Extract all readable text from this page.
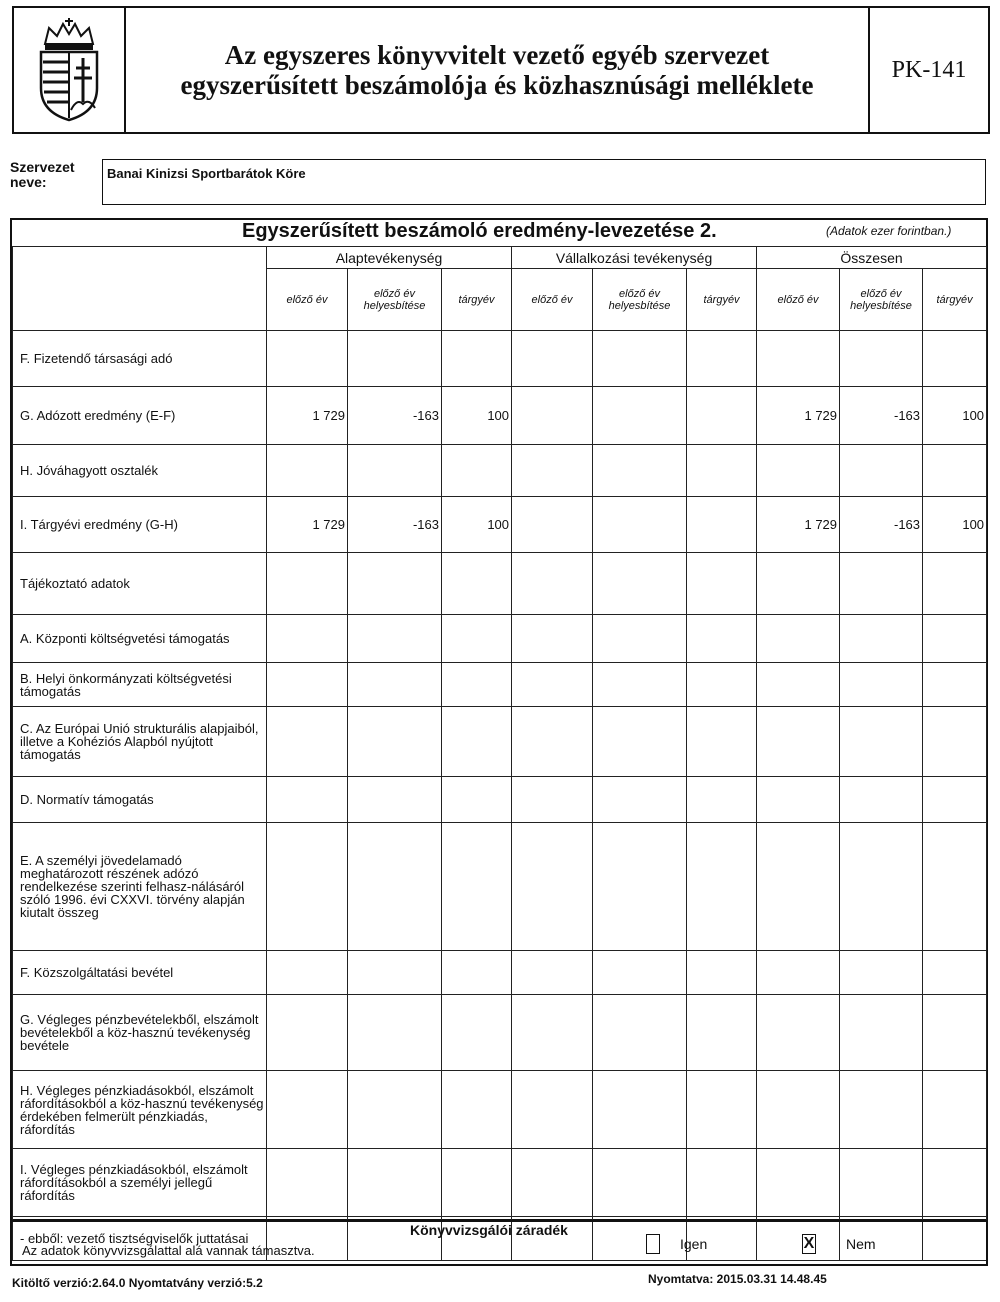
Az egyszeres könyvvitelt vezető egyéb szervezet
egyszerűsített beszámolója és közhasznúsági melléklete
PK-141
Szervezet
neve:
Banai Kinizsi Sportbarátok Köre
Egyszerűsített beszámoló eredmény-levezetése 2.	(Adatok ezer forintban.)
	Alaptevékenység			Vállalkozási tevékenység			Összesen		
	előző év	előző év helyesbítése	tárgyév	előző év	előző év helyesbítése	tárgyév	előző év	előző év helyesbítése	tárgyév
F. Fizetendő társasági adó									
G. Adózott eredmény (E-F)	1 729	-163	100				1 729	-163	100
H. Jóváhagyott osztalék									
I. Tárgyévi eredmény (G-H)	1 729	-163	100				1 729	-163	100
Tájékoztató adatok									
A. Központi költségvetési támogatás									
B. Helyi önkormányzati költségvetési támogatás									
C. Az Európai Unió strukturális alapjaiból, illetve a Kohéziós Alapból nyújtott támogatás									
D. Normatív támogatás									
E. A személyi jövedelamadó meghatározott részének adózó rendelkezése szerinti felhasz-nálásáról szóló 1996. évi CXXVI. törvény alapján kiutalt összeg									
F. Közszolgáltatási bevétel									
G. Végleges pénzbevételekből, elszámolt bevételekből a köz-hasznú tevékenység bevétele									
H. Végleges pénzkiadásokból, elszámolt ráfordításokból a köz-hasznú tevékenység érdekében felmerült pénzkiadás, ráfordítás									
I. Végleges pénzkiadásokból, elszámolt ráfordításokból a személyi jellegű ráfordítás									
- ebből: vezető tisztségviselők juttatásai									
Könyvvizsgálói záradék
Az adatok könyvvizsgálattal alá vannak támasztva.	Igen	X Nem
Kitöltő verzió:2.64.0 Nyomtatvány verzió:5.2	Nyomtatva: 2015.03.31 14.48.45
